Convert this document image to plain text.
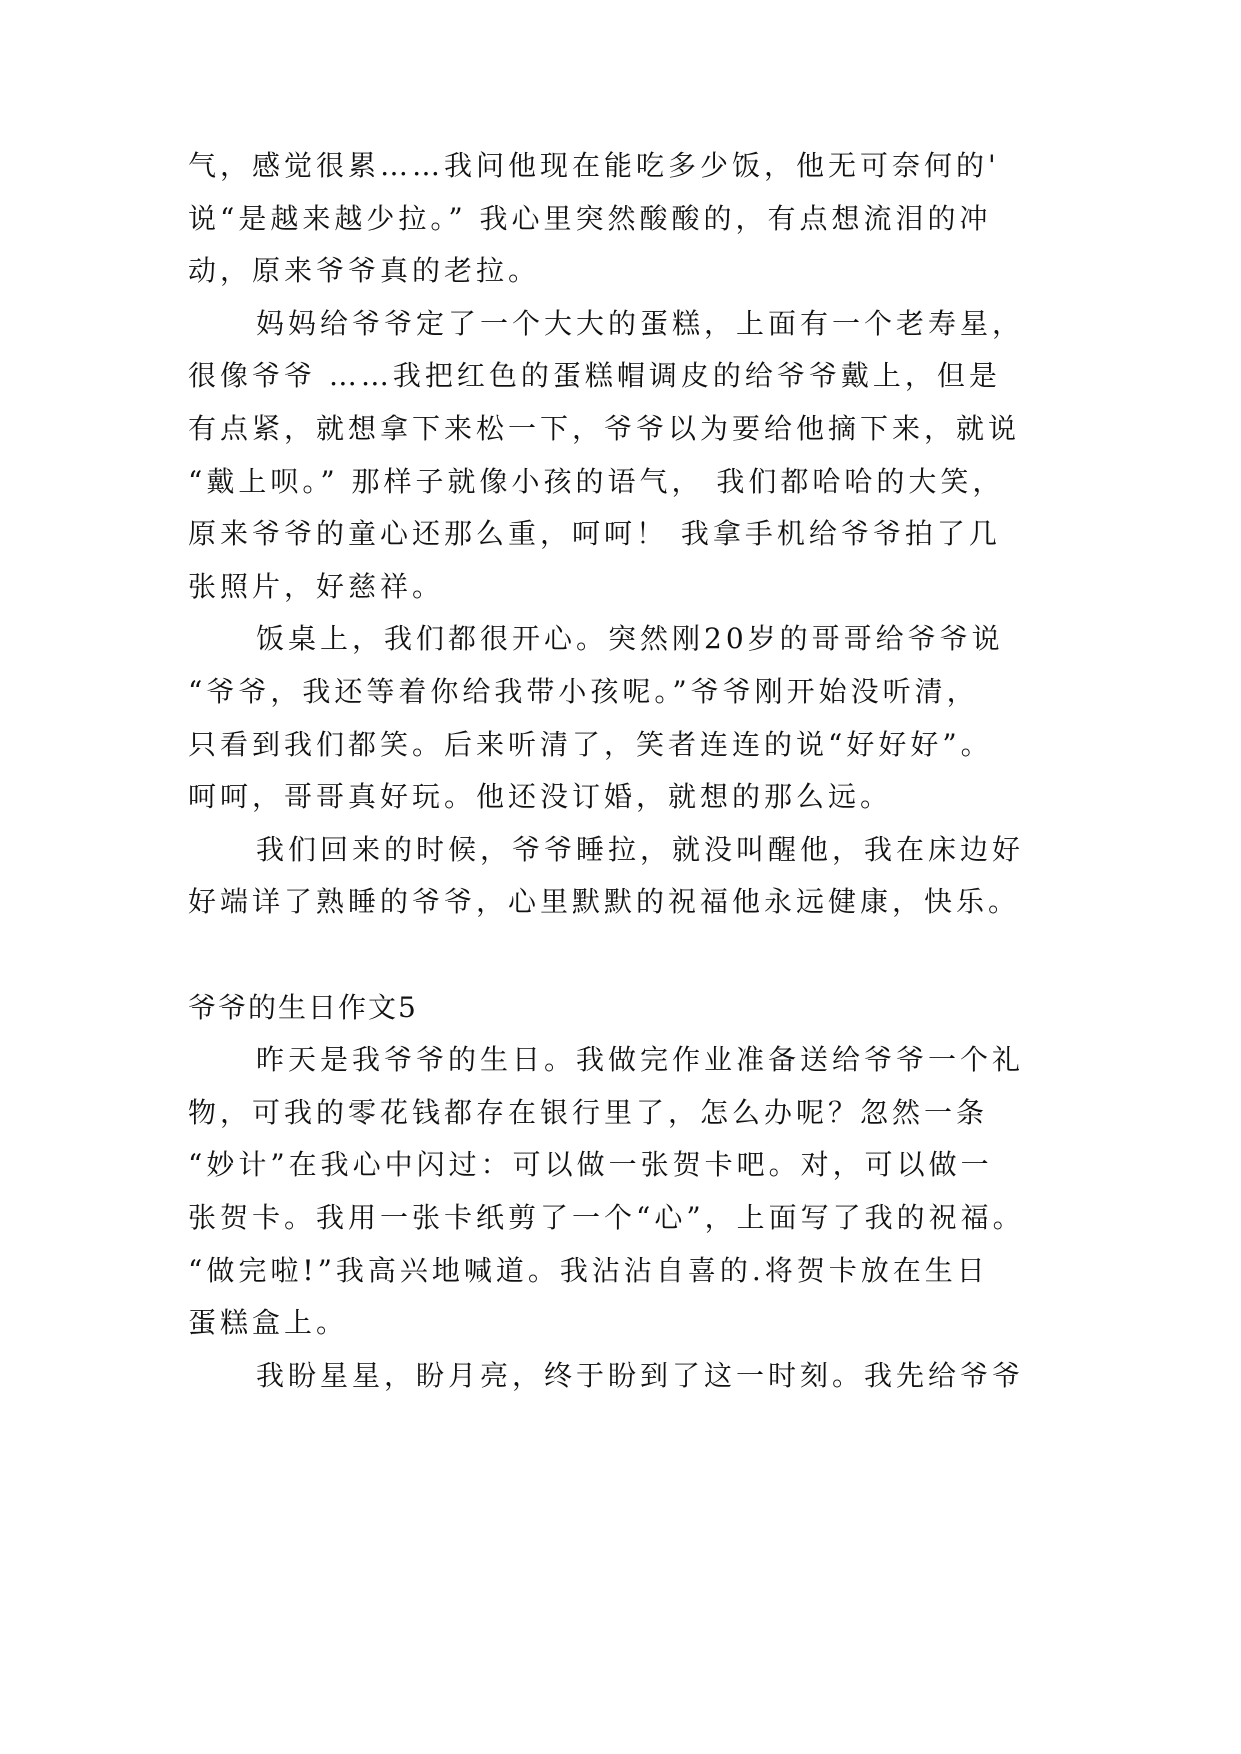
气，感觉很累……我问他现在能吃多少饭，他无可奈何的'

说“是越来越少拉。” 我心里突然酸酸的，有点想流泪的冲

动，原来爷爷真的老拉。

妈妈给爷爷定了一个大大的蛋糕，上面有一个老寿星，

很像爷爷 ……我把红色的蛋糕帽调皮的给爷爷戴上，但是

有点紧，就想拿下来松一下，爷爷以为要给他摘下来，就说

“戴上呗。” 那样子就像小孩的语气， 我们都哈哈的大笑，

原来爷爷的童心还那么重，呵呵！ 我拿手机给爷爷拍了几

张照片，好慈祥。

饭桌上，我们都很开心。突然刚20岁的哥哥给爷爷说

“爷爷，我还等着你给我带小孩呢。”爷爷刚开始没听清，

只看到我们都笑。后来听清了，笑者连连的说“好好好”。

呵呵，哥哥真好玩。他还没订婚，就想的那么远。

我们回来的时候，爷爷睡拉，就没叫醒他，我在床边好

好端详了熟睡的爷爷，心里默默的祝福他永远健康，快乐。

爷爷的生日作文5

昨天是我爷爷的生日。我做完作业准备送给爷爷一个礼

物，可我的零花钱都存在银行里了，怎么办呢？忽然一条

“妙计”在我心中闪过：可以做一张贺卡吧。对，可以做一

张贺卡。我用一张卡纸剪了一个“心”，上面写了我的祝福。

“做完啦!”我高兴地喊道。我沾沾自喜的.将贺卡放在生日

蛋糕盒上。

我盼星星，盼月亮，终于盼到了这一时刻。我先给爷爷
